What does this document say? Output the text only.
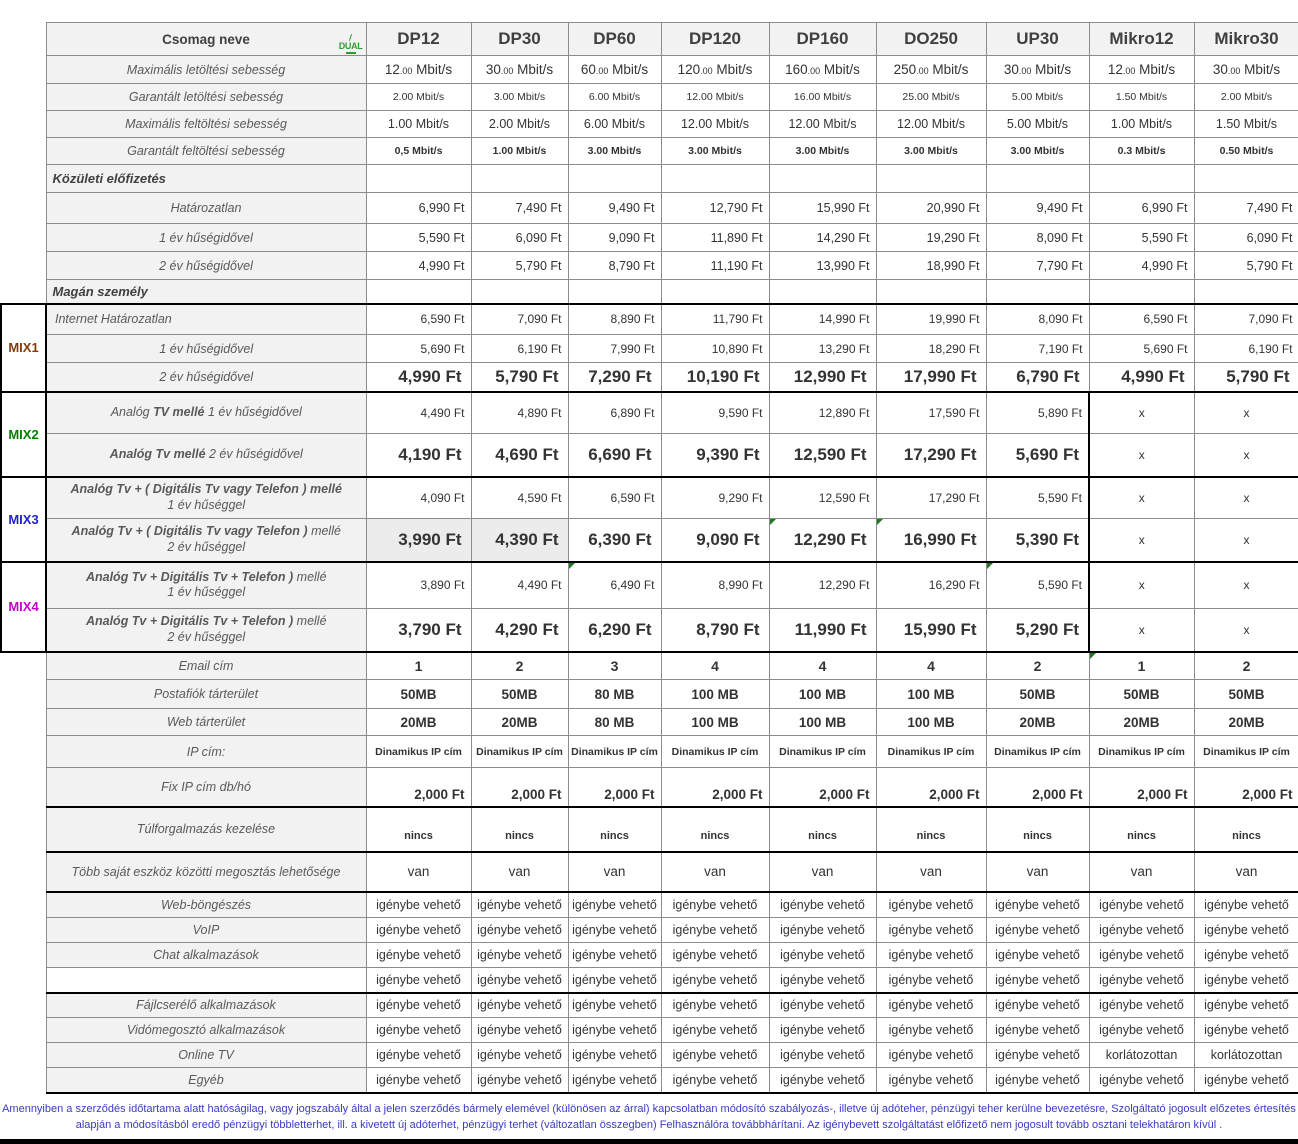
	Csomag neve DUAL	DP12	DP30	DP60	DP120	DP160	DO250	UP30	Mikro12	Mikro30
	Maximális letöltési sebesség	12.00 Mbit/s	30.00 Mbit/s	60.00 Mbit/s	120.00 Mbit/s	160.00 Mbit/s	250.00 Mbit/s	30.00 Mbit/s	12.00 Mbit/s	30.00 Mbit/s
	Garantált letöltési sebesség	2.00 Mbit/s	3.00 Mbit/s	6.00 Mbit/s	12.00 Mbit/s	16.00 Mbit/s	25.00 Mbit/s	5.00 Mbit/s	1.50 Mbit/s	2.00 Mbit/s
	Maximális feltöltési sebesség	1.00 Mbit/s	2.00 Mbit/s	6.00 Mbit/s	12.00 Mbit/s	12.00 Mbit/s	12.00 Mbit/s	5.00 Mbit/s	1.00 Mbit/s	1.50 Mbit/s
	Garantált feltöltési sebesség	0,5 Mbit/s	1.00 Mbit/s	3.00 Mbit/s	3.00 Mbit/s	3.00 Mbit/s	3.00 Mbit/s	3.00 Mbit/s	0.3 Mbit/s	0.50 Mbit/s
	Közületi előfizetés									
	Határozatlan	6,990 Ft	7,490 Ft	9,490 Ft	12,790 Ft	15,990 Ft	20,990 Ft	9,490 Ft	6,990 Ft	7,490 Ft
	1 év hűségidővel	5,590 Ft	6,090 Ft	9,090 Ft	11,890 Ft	14,290 Ft	19,290 Ft	8,090 Ft	5,590 Ft	6,090 Ft
	2 év hűségidővel	4,990 Ft	5,790 Ft	8,790 Ft	11,190 Ft	13,990 Ft	18,990 Ft	7,790 Ft	4,990 Ft	5,790 Ft
	Magán személy									
MIX1	Internet Határozatlan	6,590 Ft	7,090 Ft	8,890 Ft	11,790 Ft	14,990 Ft	19,990 Ft	8,090 Ft	6,590 Ft	7,090 Ft
	1 év hűségidővel	5,690 Ft	6,190 Ft	7,990 Ft	10,890 Ft	13,290 Ft	18,290 Ft	7,190 Ft	5,690 Ft	6,190 Ft
	2 év hűségidővel	4,990 Ft	5,790 Ft	7,290 Ft	10,190 Ft	12,990 Ft	17,990 Ft	6,790 Ft	4,990 Ft	5,790 Ft
MIX2	Analóg TV mellé 1 év hűségidővel	4,490 Ft	4,890 Ft	6,890 Ft	9,590 Ft	12,890 Ft	17,590 Ft	5,890 Ft	x	x
	Analóg Tv mellé 2 év hűségidővel	4,190 Ft	4,690 Ft	6,690 Ft	9,390 Ft	12,590 Ft	17,290 Ft	5,690 Ft	x	x
MIX3	Analóg Tv + ( Digitális Tv vagy Telefon ) mellé
1 év hűséggel	4,090 Ft	4,590 Ft	6,590 Ft	9,290 Ft	12,590 Ft	17,290 Ft	5,590 Ft	x	x
	Analóg Tv + ( Digitális Tv vagy Telefon ) mellé
2 év hűséggel	3,990 Ft	4,390 Ft	6,390 Ft	9,090 Ft	12,290 Ft	16,990 Ft	5,390 Ft	x	x
MIX4	Analóg Tv + Digitális Tv + Telefon ) mellé
1 év hűséggel	3,890 Ft	4,490 Ft	6,490 Ft	8,990 Ft	12,290 Ft	16,290 Ft	5,590 Ft	x	x
	Analóg Tv + Digitális Tv + Telefon ) mellé
2 év hűséggel	3,790 Ft	4,290 Ft	6,290 Ft	8,790 Ft	11,990 Ft	15,990 Ft	5,290 Ft	x	x
	Email cím	1	2	3	4	4	4	2	1	2
	Postafiók tárterület	50MB	50MB	80 MB	100 MB	100 MB	100 MB	50MB	50MB	50MB
	Web tárterület	20MB	20MB	80 MB	100 MB	100 MB	100 MB	20MB	20MB	20MB
	IP cím:	Dinamikus IP cím	Dinamikus IP cím	Dinamikus IP cím	Dinamikus IP cím	Dinamikus IP cím	Dinamikus IP cím	Dinamikus IP cím	Dinamikus IP cím	Dinamikus IP cím
	Fix IP cím db/hó	2,000 Ft	2,000 Ft	2,000 Ft	2,000 Ft	2,000 Ft	2,000 Ft	2,000 Ft	2,000 Ft	2,000 Ft
	Túlforgalmazás kezelése	nincs	nincs	nincs	nincs	nincs	nincs	nincs	nincs	nincs
	Több saját eszköz közötti megosztás lehetősége	van	van	van	van	van	van	van	van	van
	Web-böngészés	igénybe vehető	igénybe vehető	igénybe vehető	igénybe vehető	igénybe vehető	igénybe vehető	igénybe vehető	igénybe vehető	igénybe vehető
	VoIP	igénybe vehető	igénybe vehető	igénybe vehető	igénybe vehető	igénybe vehető	igénybe vehető	igénybe vehető	igénybe vehető	igénybe vehető
	Chat alkalmazások	igénybe vehető	igénybe vehető	igénybe vehető	igénybe vehető	igénybe vehető	igénybe vehető	igénybe vehető	igénybe vehető	igénybe vehető
		igénybe vehető	igénybe vehető	igénybe vehető	igénybe vehető	igénybe vehető	igénybe vehető	igénybe vehető	igénybe vehető	igénybe vehető
	Fájlcserélő alkalmazások	igénybe vehető	igénybe vehető	igénybe vehető	igénybe vehető	igénybe vehető	igénybe vehető	igénybe vehető	igénybe vehető	igénybe vehető
	Vidómegosztó alkalmazások	igénybe vehető	igénybe vehető	igénybe vehető	igénybe vehető	igénybe vehető	igénybe vehető	igénybe vehető	igénybe vehető	igénybe vehető
	Online TV	igénybe vehető	igénybe vehető	igénybe vehető	igénybe vehető	igénybe vehető	igénybe vehető	igénybe vehető	korlátozottan	korlátozottan
	Egyéb	igénybe vehető	igénybe vehető	igénybe vehető	igénybe vehető	igénybe vehető	igénybe vehető	igénybe vehető	igénybe vehető	igénybe vehető
Amennyiben a szerződés időtartama alatt hatóságilag, vagy jogszabály által a jelen szerződés bármely elemével (különösen az árral) kapcsolatban módosító szabályozás-, illetve új adóteher, pénzügyi teher kerülne bevezetésre, Szolgáltató jogosult előzetes értesítés
alapján a módosításból eredő pénzügyi többletterhet, ill. a kivetett új adóterhet, pénzügyi terhet (változatlan összegben) Felhasználóra továbbhárítani. Az igénybevett szolgáltatást előfizető nem jogosult tovább osztani telekhatáron kívül .
